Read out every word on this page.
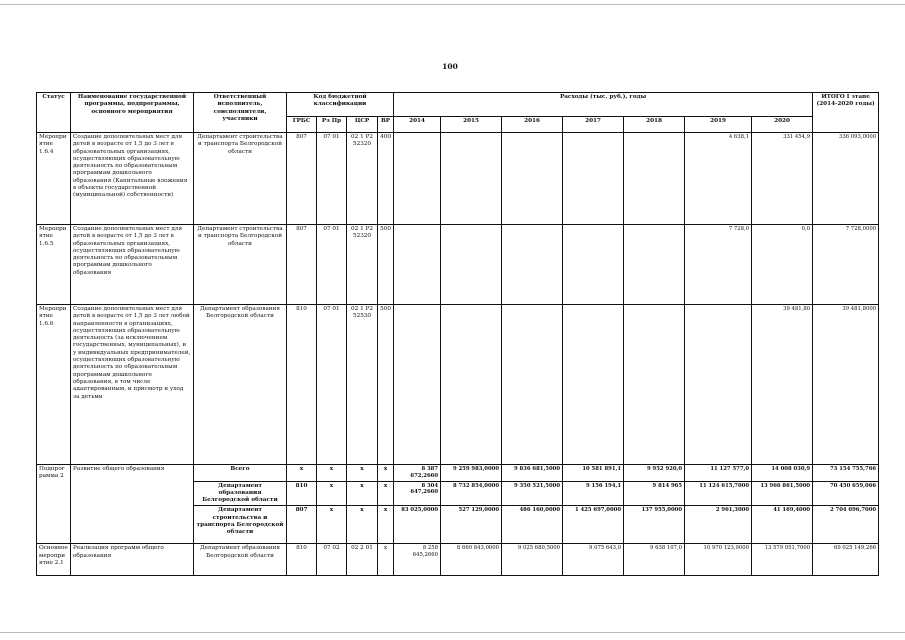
100
Статус	Наименование государственной программы, подпрограммы, основного мероприятия	Ответственный исполнитель, соисполнители, участники	Код бюджетной классификации				Расходы (тыс. руб.), годы							ИТОГО I этапе (2014-2020 годы)
			ГРБС	Рз Пр	ЦСР	ВР	2014	2015	2016	2017	2018	2019	2020	
Мероприятие 1.6.4	Создание дополнительных мест для детей в возрасте от 1,5 до 3 лет в образовательных организациях, осуществляющих образовательную деятельность по образовательным программам дошкольного образования (Капитальные вложения в объекты государственной (муниципальной) собственности)	Департамент строительства и транспорта Белгородской области	807	07 01	02 1 P2 52320	400						4 638,1	331 454,9	336 093,0000
Мероприятие 1.6.5	Создание дополнительных мест для детей в возрасте от 1,5 до 3 лет в образовательных организациях, осуществляющих образовательную деятельность по образовательным программам дошкольного образования	Департамент строительства и транспорта Белгородской области	807	07 01	02 1 P2 52320	500						7 728,0	0,0	7 728,0000
Мероприятие 1.6.6	Создание дополнительных мест для детей в возрасте от 1,5 до 3 лет любой направленности в организациях, осуществляющих образовательную деятельность (за исключением государственных, муниципальных), и у индивидуальных предпринимателей, осуществляющих образовательную деятельность по образовательным программам дошкольного образования, в том числе адаптированным, и присмотр и уход за детьми	Департамент образования Белгородской области	810	07 01	02 1 P2 52530	500							39 481,80	39 481,8000
Подпрограмма 2	Развитие общего образования	Всего	x	x	x	x	8 387 672,2660	9 259 983,0000	9 836 681,5000	10 581 891,1	9 952 920,0	11 127 577,0	14 008 030,9	73 154 755,766
		Департамент образования Белгородской области	810	x	x	x	8 304 647,2660	8 732 854,0000	9 350 521,5000	9 156 194,1	9 814 965	11 124 615,7000	13 966 861,5000	70 450 659,066
		Департамент строительства и транспорта Белгородской области	807	x	x	x	83 025,0000	527 129,0000	486 160,0000	1 425 697,0000	137 955,0000	2 961,3000	41 169,4000	2 704 096,7000
Основное мероприятие 2.1	Реализация программ общего образования	Департамент образования Белгородской области	810	07 02	02 2 01	x	8 258 645,2660	8 660 843,0000	9 025 680,5000	9 075 643,0	9 638 107,0	10 970 123,9000	13 579 051,7000	69 025 149,266
